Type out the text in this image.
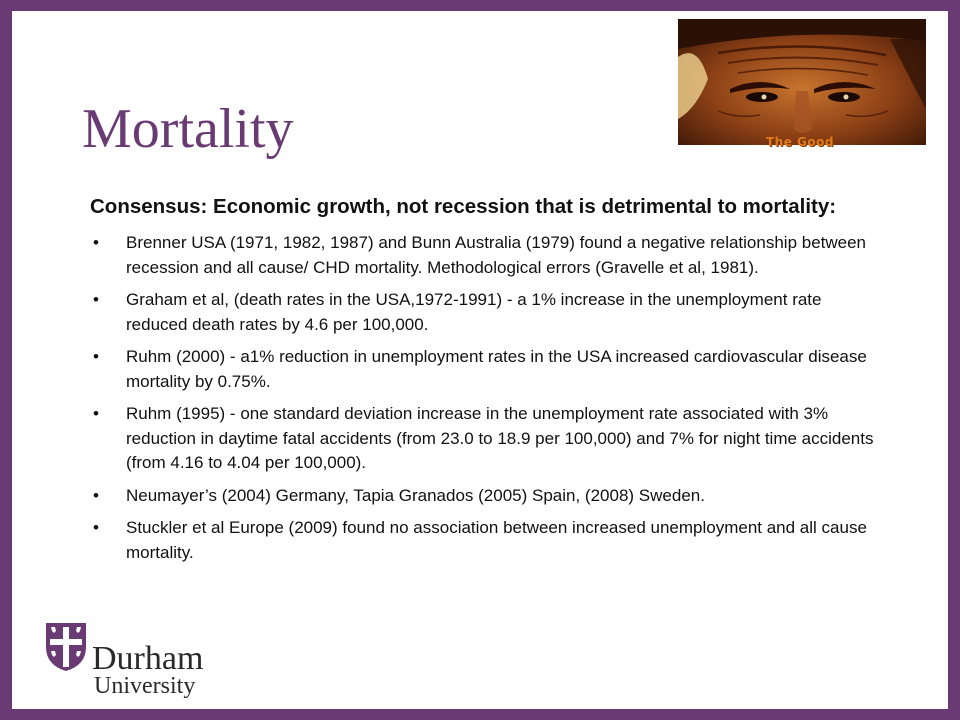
Mortality	The Good

Consensus: Economic growth, not recession that is detrimental to mortality:

• Brenner USA (1971, 1982, 1987) and Bunn Australia (1979) found a negative relationship between recession and all cause/ CHD mortality. Methodological errors (Gravelle et al, 1981).
• Graham et al, (death rates in the USA,1972-1991) - a 1% increase in the unemployment rate reduced death rates by 4.6 per 100,000.
• Ruhm (2000) - a1% reduction in unemployment rates in the USA increased cardiovascular disease mortality by 0.75%.
• Ruhm (1995) - one standard deviation increase in the unemployment rate associated with 3% reduction in daytime fatal accidents (from 23.0 to 18.9 per 100,000) and 7% for night time accidents (from 4.16 to 4.04 per 100,000).
• Neumayer’s (2004) Germany, Tapia Granados (2005) Spain, (2008) Sweden.
• Stuckler et al Europe (2009) found no association between increased unemployment and all cause mortality.
Durham
University
